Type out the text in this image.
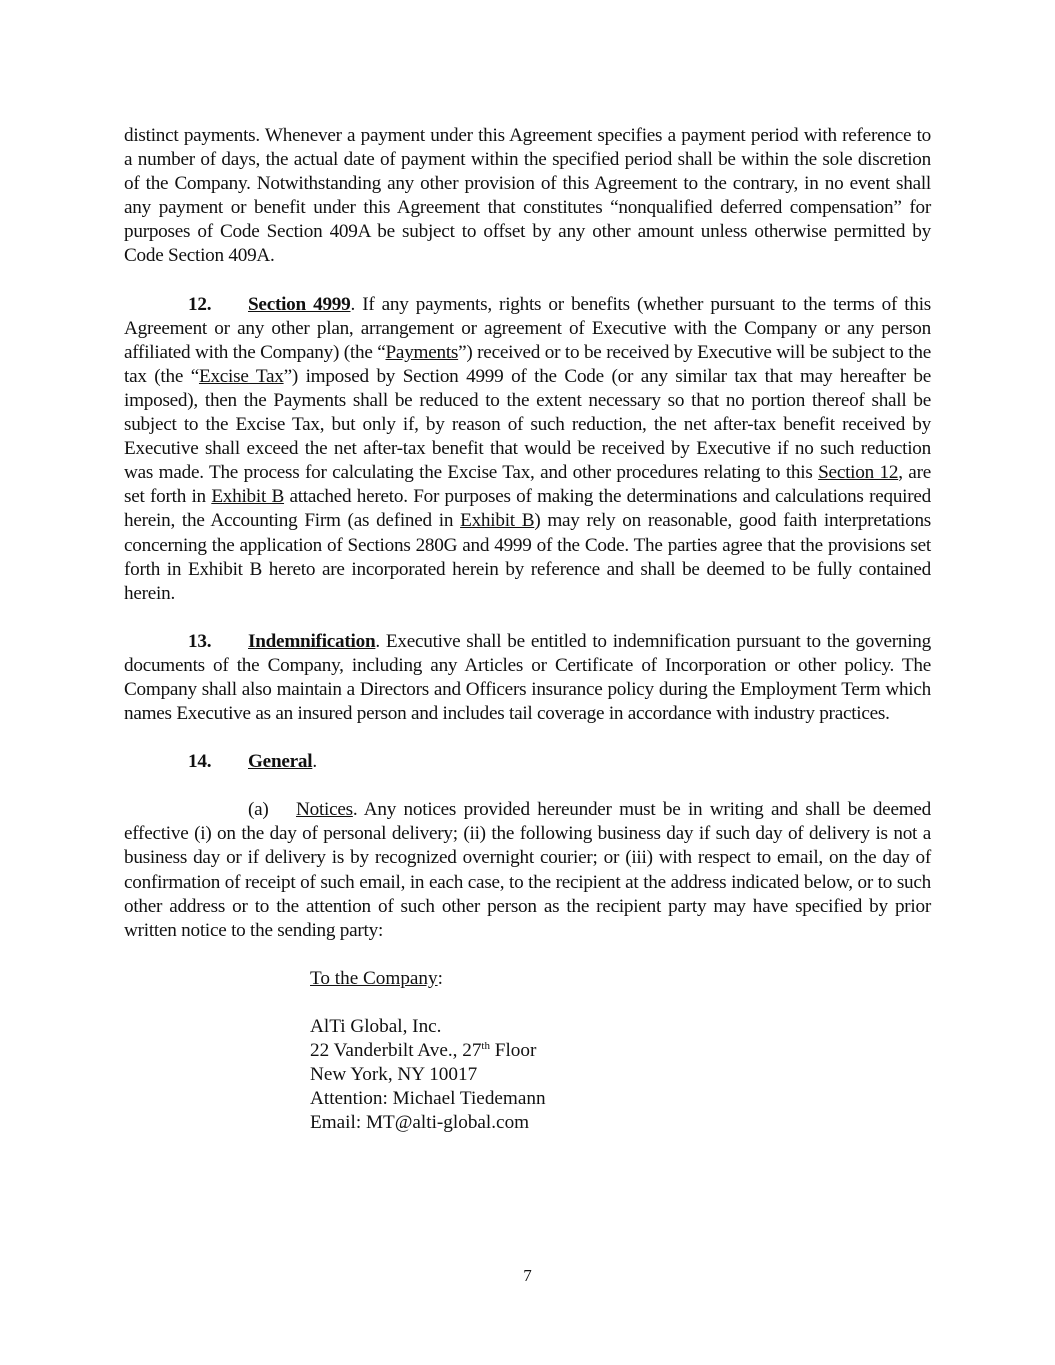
distinct payments. Whenever a payment under this Agreement specifies a payment period with reference to a number of days, the actual date of payment within the specified period shall be within the sole discretion of the Company. Notwithstanding any other provision of this Agreement to the contrary, in no event shall any payment or benefit under this Agreement that constitutes “nonqualified deferred compensation” for purposes of Code Section 409A be subject to offset by any other amount unless otherwise permitted by Code Section 409A.

12. Section 4999. If any payments, rights or benefits (whether pursuant to the terms of this Agreement or any other plan, arrangement or agreement of Executive with the Company or any person affiliated with the Company) (the “Payments”) received or to be received by Executive will be subject to the tax (the “Excise Tax”) imposed by Section 4999 of the Code (or any similar tax that may hereafter be imposed), then the Payments shall be reduced to the extent necessary so that no portion thereof shall be subject to the Excise Tax, but only if, by reason of such reduction, the net after-tax benefit received by Executive shall exceed the net after-tax benefit that would be received by Executive if no such reduction was made. The process for calculating the Excise Tax, and other procedures relating to this Section 12, are set forth in Exhibit B attached hereto. For purposes of making the determinations and calculations required herein, the Accounting Firm (as defined in Exhibit B) may rely on reasonable, good faith interpretations concerning the application of Sections 280G and 4999 of the Code. The parties agree that the provisions set forth in Exhibit B hereto are incorporated herein by reference and shall be deemed to be fully contained herein.

13. Indemnification. Executive shall be entitled to indemnification pursuant to the governing documents of the Company, including any Articles or Certificate of Incorporation or other policy. The Company shall also maintain a Directors and Officers insurance policy during the Employment Term which names Executive as an insured person and includes tail coverage in accordance with industry practices.

14. General.

(a) Notices. Any notices provided hereunder must be in writing and shall be deemed effective (i) on the day of personal delivery; (ii) the following business day if such day of delivery is not a business day or if delivery is by recognized overnight courier; or (iii) with respect to email, on the day of confirmation of receipt of such email, in each case, to the recipient at the address indicated below, or to such other address or to the attention of such other person as the recipient party may have specified by prior written notice to the sending party:

To the Company:
AlTi Global, Inc.
22 Vanderbilt Ave., 27th Floor
New York, NY 10017
Attention: Michael Tiedemann
Email: MT@alti-global.com
7
